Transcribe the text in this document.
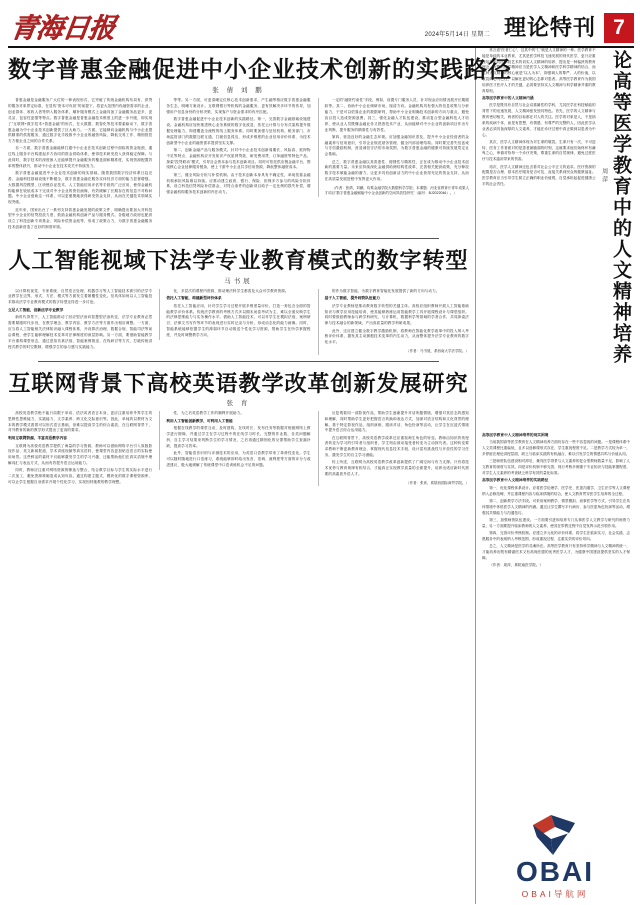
青海日报	2024年5月14日 星期二 理论特刊 7
数字普惠金融促进中小企业技术创新的实践路径
张 倩 刘 鹏

普惠金融是金融服务广大位的一种表现形式，它突破了传统金融机构布局有、供贷的服务对象界定标准，在显传"资本可负担"的前提下，将更大范围内有融资需求的企业、创业群体、收收人者等纳入服务体系，顺补服务模式上金融具备了金融服务品更多、更灵活、包容性更强等特点。数字普惠金融是普惠金融技术维度上的进一步升级，即实现了"互联网+数字技术+普惠金融"的形式，在大数据、数智化等技术要素驱动下，数字普惠金融为中小企业技术创新提供了巨大助力。一方面，它能够向金融机构与中小企业提供精准的供需服务，通过数字化手段推中小企业的融资风险，降低交易工作、精细管控方方便企业之间的合作关系。

另一方面，数字普惠金融能够打通中小企业在技术创新过程中面临的资金瓶颈，通过线上服务平台构建起多方协同的资金供给体系，使得技术研发投入获得稳定保障。与此同时，数字技术的深度嵌入还能够提升金融服务的覆盖面和精准度，实现资源配置效率的整体跃升，推动中小企业在技术攻关中持续发力。

数字普惠金融促进中小企业技术创新的现实基础。随着我国数字经济体系日趋完善，金融科技基础设施不断健全，数字普惠金融在服务实体经济方面的能力显著增强。大数据风控模型、区块链存证技术、人工智能信用评估等手段的广泛应用，使得金融机构能够在较低成本下完成对中小企业的资信画像，有效缓解了长期存在的信息不对称问题。中小企业借助这一体系，可以更便捷地获得研发资金支持，从而在关键技术领域实现突破。

近年来，国家出台了一系列支持普惠金融发展的政策文件，明确提出要加大对科技型中小企业的信贷投放力度，鼓励金融机构创新产品与服务模式。各级地方政府也配套设立了科技创新专项基金、风险补偿资金池等，形成了政策合力，为数字普惠金融服务技术创新营造了良好的制度环境。

等等。另一方面，可更清晰定位核心技术创新需求，产生融等相应数字普惠金融服务生态，明晰方案设计。互联网银行等机构的金融服务，更有效解决多环节的传导，加强用户信息身份的分析决策，实现客户与资金需求的有序匹配。

数字普惠金融促进中小企业技术创新的实践路径。第一，完善数字金融基础设施建设。金融机构应加快推进核心业务系统的数字化改造，依托云计算与分布式架构提升数据处理能力，构建覆盖全流程的线上服务体系。同时要加强与征信机构、税务部门、市场监管部门的数据互联互通，打破信息孤岛，形成多维度的企业信用评价体系，为技术创新型中小企业的融资需求提供坚实支撑。

第二，创新金融产品与服务模式。针对中小企业技术创新周期长、风险高、抵押物不足等特点，金融机构应开发知识产权质押贷款、研发费用贷、订单融资等特色产品，探索"投贷联动"模式，引导社会资本参与技术创新项目。同时可依托供应链金融平台，围绕核心企业延伸服务链条，使上下游中小企业共享信用资源，降低整体融资成本。

第三，健全风险分担与补偿机制。由于技术创新本身具有不确定性，单纯依靠金融机构承担风险难以持续。应推动建立政府、银行、保险、担保多方参与的风险分担体系，设立科技信贷风险补偿基金，对符合条件的创新项目给予一定比例的损失补偿，增强金融机构服务技术创新的内在动力。

一定的"融资约束性"手段，例如，设置专门服务人员，针对现金应用情况展开长期跟踪等。其二，协助中小企业调研市场，厘清方向。金融机构具有强大的信息收集与分析能力，于是可以依靠企业的数据研判，帮助中小企业明确技术创新的方向与重点，避免盲目投入造成资源浪费。其三，强化金融人才队伍建设。推动复合型金融科技人才培养，使从业人员既懂金融业务又熟悉技术产业，从而能够对中小企业的创新项目作出专业判断，提升服务的精准性与有效性。

第四，营造良好的金融生态环境。应加强金融知识普及，提升中小企业经营者的金融素养与信用意识，引导企业规范财务管理、健全内部治理结构。同时要完善失信惩戒与守信激励机制，营造诚信守法的市场氛围，为数字普惠金融的健康可持续发展奠定社会基础。

总之，数字普惠金融以其普惠性、便捷性与精准性，正在成为推动中小企业技术创新的重要力量。未来应持续深化金融供给侧结构性改革，完善相关配套政策，充分释放数字技术赋能金融的潜力，让更多具有创新活力的中小企业获得充足的资金支持，从而在高质量发展进程中发挥更大作用。

（作者：张倩，刘鹏，均系金融学院大数据科学学院；本课题：河北省教育厅青年成果人才项目"数字普惠金融赋能中小企业创新的空间异质性研究"（编号：BJ2022046）。）

人工智能视域下法学专业教育模式的数字转型
马书展

以计算机视觉、专家系统、自然语言处理、机器学习等人工智能技术被引的法学专业教学在边界、形式、方法、模式等方面发生着颠覆性变化。信具体如何以人工智能技术推动法学专业教育模式的数字转型还待进一步讨论。

立足人工智能，创新法学专业教学

新时代背景下，人工智能推动了回应型法治向智慧型法治转变，法学专业教育必然需要紧跟时代步伐，在教学理念、教学内容、教学方法等方面作出相应调整。一方面，应当将人工智能相关法律知识融入课程体系，开设算法治理、数据合规、智能司法等前沿课程，使学生能够理解技术变革对法律制度的深层影响。另一方面，要借助智能教学平台重构课堂形态，通过虚拟仿真法庭、智能案例推送、在线研讨等方式，打破传统讲授式教学的时空限制，增强学生的参与感与实践能力。

化，多层次的课程内资源，推动理法科学生都普及大众可学教育资源。

依托人工智能，构建新型评价体系

依托人工智能应用，针对学生学习过程开展多维度量评价，打造一套包含全面的智能教学评价体系。传统法学教育的考核方式多以期末闭卷考试为主，难以全面反映学生的法律思维能力与实务操作水平。借助人工智能技术，可以对学生在模拟法庭、案例研讨、法律文书写作等环节的表现进行实时记录与分析，形成动态化的能力画像。同时，智能系统能够依据学生的薄弱环节自动推送个性化学习资源，帮助学生在所学掌握程度，并及时调整教学方向。

的作为数字智能，为数字教育智能化发展提供了新的方向与动力。

基于人工智能，提升师资队伍能力

法学专业教师是推动教育数字转型的关键主体。高校应组织教师开展人工智能基础知识与教学应用技能培训，使其能够熟练运用智能教学工具开展课程设计与课堂组织。同时要鼓励教师参与跨学科研究，与计算机、数据科学等领域的学者合作，共同探索法律与技术融合的新领域，产出高质量的教学科研成果。

此外，还应建立健全数字教学激励机制，将教师在智能化教学改革中的投入纳入考核评价体系，激发其主动拥抱技术变革的内生动力，从而整体提升法学专业教育的数字化水平。

（作者：马书展，系西南大学法学院。）

互联网背景下高校英语教学改革创新发展研究
张 育

高校英语教学绝不能只局限于单词、语法或者语言本身，更应注重培养外界学生的思辨性思维能力、实践能力、文学素养、跨文化交际意识等。因此，单纯的以教材为文本的教学模式看着可以形式语言基础，但难以提高学生的综合素质，在互联网背景下，对外教育的新的教学形式提出了更高的要求。

利用互联网资源，丰富英语教学内容

互联网为高校英语教学提供了海量的学习资源，教师可以借助网络平台引入原版影视作品、英文新闻报道、学术讲座视频等真实语料，使课堂内容更加贴近语言的实际使用场景。这些鲜活的素材不仅能够激发学生的学习兴趣，还能帮助他们在真实语境中理解词汇与表达方式，从而有效提升语言运用能力。

同时，教师应注重对网络资源的筛选与整合，结合教学目标与学生的实际水平进行二次加工，避免资源堆砌造成认知负担。通过构建主题式、模块化的数字课程资源库，可以让学生根据自身需求开展个性化学习，实现因材施教的教学理想。

性，为之后英语教学工作的顺利开展助力。

利用人工智能创新教学，可利用人工智能

根据在线教学的课堂互动，及时建构，在线时长、发布任务等数据对班级网络上教学进行图像，并通过学生在学习过程中的在线学习时长，完整的作业数，各类问题解析，自主学习结果来判断学生的学习情况，之后再通过精细化的反馈帮助学生查漏补缺，提高学习效率。

此外，智能语音识别与评测技术的应用，为英语口语教学带来了革命性变化。学生可以随时随地进行口语练习，系统能够即时给出发音、语调、流利度等方面的评分与改进建议，极大地缓解了传统课堂中口语训练机会不足的问题。

反复观看同一部影视作品，帮助学生逐渐提升对话所题情境，增强对其语态的感知和理解，同时帮助学生更好把握语言转换和表达方式，加深对语言结构和文化背景的理解。基于特定影视作品，组织演练、跟读对话、角色扮演等活动，让学生在沉浸式情境中提升语言综合运用能力。

在互联网背景下，高校英语教学改革还应重视师生角色的转变。教师由知识的传授者转变为学习的引导者与组织者，学生则由被动接受者转变为主动探究者。这种转变要求教师不断更新教育理念，掌握现代信息技术手段，设计富有挑战性与开放性的学习任务，激发学生的自主学习潜能。

综上所述，互联网为高校英语教学改革创新提供了广阔空间与有力支撑。只有将技术优势与教育规律有机结合，才能真正实现教学质量的全面提升，培养出适应新时代需要的高素质外语人才。

（作者：张育，系陕西国际商贸学院。）

论高等医学教育中的人文精神培养
周萍

常言道"医者仁心"，这其中的"仁"就是人文精神的一种。医学教育不能是单纯的本业教育，尤其是医学科技飞速发展的现代医学，更只应重视培养出的医学院艺术的切实人文精神的培养，提出是一种偏狭的教育理念，完整的医学精神应当是医学人文精神和医学科学精神的结合，而这种人文精神的核心就是"以人为本"，即强调人的尊严、人的价值，以敬畏的心为己任，以解比更切的心态即对患者。高等医学教育作为我国培养医才医疗人才的关键，必须要坚持实人文精神与科学精神并重的教育原则。

高等医学教育中的人文精神内涵

医学是既具有自然与社会双重属性的学科，尤其医学在科技赋能的背景下的迅速发展，人文精神愈发独具特色。首先，医学的人文精神与教育密切相关，两者的目标都在对人的关注。医学的对象是人，不是抽象的疾病个体，而是有思想、有情感、有尊严的完整的人，因此医学从业者必须具备深厚的人文素养，才能在诊疗过程中真正做到以患者为中心。

其次，医学人文精神体现为对生命的敬畏。生命只有一次，不可逆转，医务工作者面对的是患者最脆弱的时刻，这就要求他们始终怀有谦卑之心，审慎对待每一个诊疗决策，尊重生命的自然规律，避免过度医疗与技术滥用带来的伤害。

再次，医学人文精神还包含着对社会公平正义的追求。医疗资源的配置是否合理、基本医疗服务是否可及，直接关系到民众的健康福祉。医学教育应当引导学生树立正确的职业价值观，自觉承担起促进健康公平的社会责任。

高等医学教育中人文精神培养的现实困境

当前我国高等医学教育在人文精神培养方面仍存在一些不容忽视的问题。一是课程体系中人文类课程比重偏低，且多以选修课形式存在，学生重视程度不足。二是教学方式较为单一，多停留在理论讲授层面，缺乏与临床实践的有机融合，难以引发学生的情感共鸣与价值认同。

三是师资队伍建设相对滞后，兼具医学背景与人文素养的复合型教师数量不足，影响了人文教育的深度与实效。四是评价机制不够完善，现行考核多侧重于专业知识与技能掌握程度，对学生人文素养的考查缺乏科学有效的量化标准。

高等医学教育中人文精神培养的实践路径

第一，优化课程体系设计。应将医学伦理学、医学史、医患沟通学、卫生法学等人文课程纳入必修范畴，并注重课程内容与临床情境的结合，使人文教育贯穿医学生培养的全过程。

第二，创新教学方法手段。可采用案例教学、情景模拟、叙事医学等方式，引导学生在具体情境中体悟医学人文精神的内涵。通过让学生撰写平行病历、参与医患角色扮演等活动，增强其共情能力与沟通技巧。

第三，加强师资队伍建设。一方面要引进和培养专门从事医学人文教学与研究的师资力量，另一方面要提升临床教师的人文素养，使其在带教过程中自觉发挥示范引领作用。

第四，完善评价考核机制。应建立多元化的评价体系，将学生在临床实习、社会实践、志愿服务中的表现纳入考核范围，形成重视过程、注重实效的评价导向。

总之，人文精神是医学的灵魂所在。高等医学教育只有坚持科学精神与人文精神的统一，才能培养出既有精湛医术又有高尚医德的优秀医学人才，为健康中国建设提供坚实的人才保障。

（作者：周萍，系皖南医学院。）

OBAI
OBAI导航网
